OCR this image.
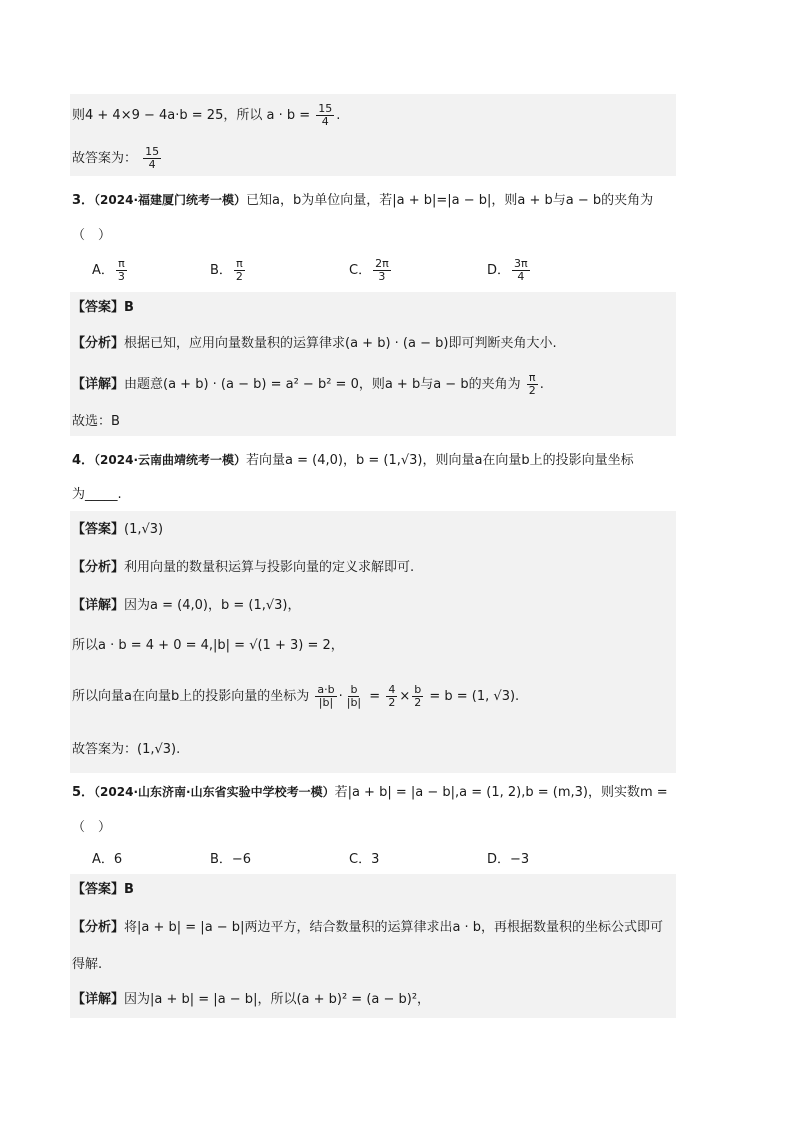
则4 + 4×9 − 4a·b = 25，所以 $a \cdot b = \frac{15}{4}$ .
故答案为： $\frac{15}{4}$
3．（2024·福建厦门统考一模）已知a，b为单位向量，若|a + b|=|a − b|，则a + b与a − b的夹角为
（　）
A． $\frac{\pi}{3}$	B． $\frac{\pi}{2}$	C． $\frac{2\pi}{3}$	D． $\frac{3\pi}{4}$
【答案】B
【分析】根据已知，应用向量数量积的运算律求(a + b) · (a − b)即可判断夹角大小.
【详解】由题意(a + b) · (a − b) = a² − b² = 0，则a + b与a − b的夹角为 $\frac{\pi}{2}$ .
故选：B
4．（2024·云南曲靖统考一模）若向量a = (4,0)，b = (1,√3)，则向量a在向量b上的投影向量坐标
为_____.
【答案】(1,√3)
【分析】利用向量的数量积运算与投影向量的定义求解即可.
【详解】因为a = (4,0)，b = (1,√3)，
所以a · b = 4 + 0 = 4,|b| = √(1 + 3) = 2，
所以向量a在向量b上的投影向量的坐标为 $\frac{a\cdot b}{|b|} \cdot \frac{b}{|b|} = \frac{4}{2} \times \frac{b}{2} = b = (1$, √3).
故答案为：(1,√3).
5．（2024·山东济南·山东省实验中学校考一模）若|a + b| = |a − b|,a = (1, 2),b = (m,3)，则实数m =
（　）
A．6	B．−6	C．3	D．−3
【答案】B
【分析】将|a + b| = |a − b|两边平方，结合数量积的运算律求出a · b，再根据数量积的坐标公式即可
得解.
【详解】因为|a + b| = |a − b|，所以(a + b)² = (a − b)²，
